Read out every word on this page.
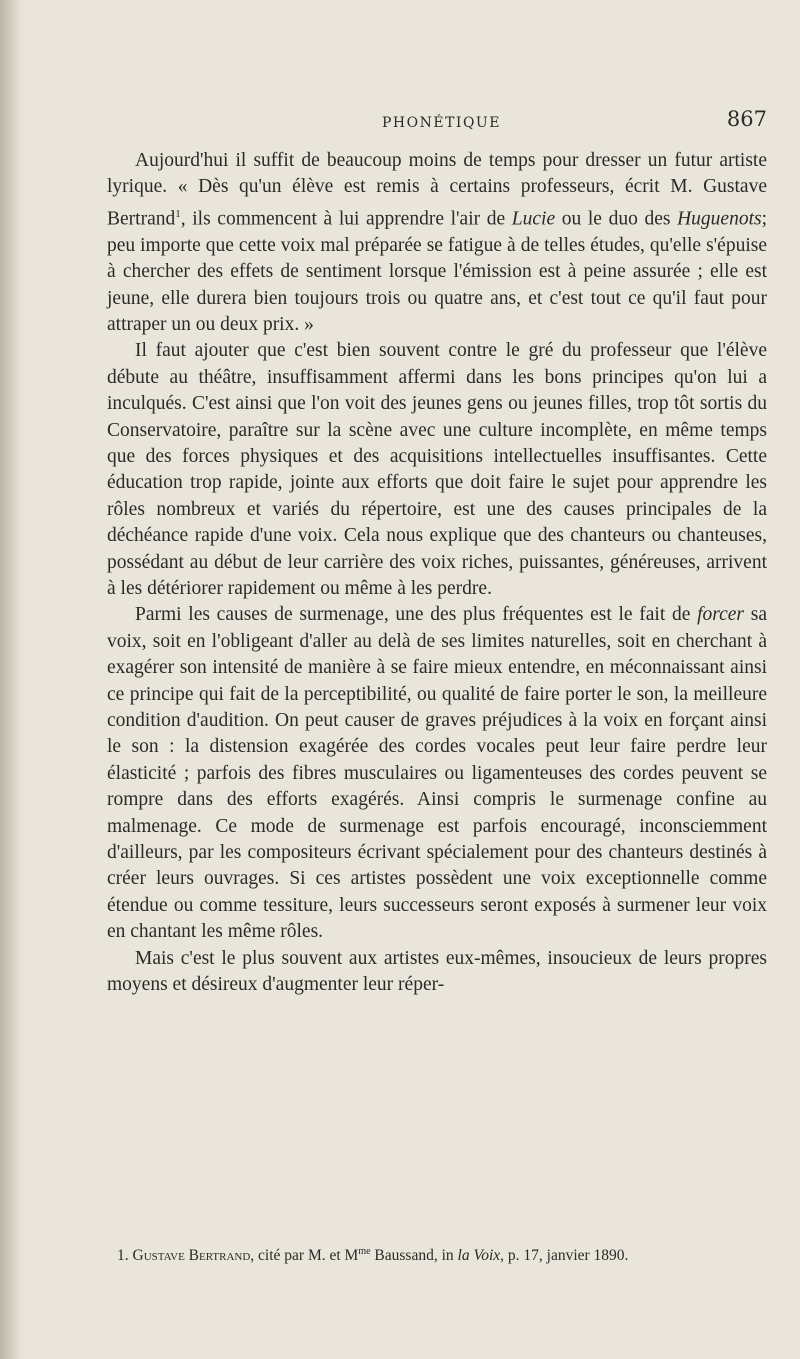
PHONÉTIQUE	867

Aujourd'hui il suffit de beaucoup moins de temps pour dresser un futur artiste lyrique. « Dès qu'un élève est remis à certains professeurs, écrit M. Gustave Bertrand$^1$, ils commencent à lui apprendre l'air de Lucie ou le duo des Huguenots; peu importe que cette voix mal préparée se fatigue à de telles études, qu'elle s'épuise à chercher des effets de sentiment lorsque l'émission est à peine assurée ; elle est jeune, elle durera bien toujours trois ou quatre ans, et c'est tout ce qu'il faut pour attraper un ou deux prix. »

Il faut ajouter que c'est bien souvent contre le gré du professeur que l'élève débute au théâtre, insuffisamment affermi dans les bons principes qu'on lui a inculqués. C'est ainsi que l'on voit des jeunes gens ou jeunes filles, trop tôt sortis du Conservatoire, paraître sur la scène avec une culture incomplète, en même temps que des forces physiques et des acquisitions intellectuelles insuffisantes. Cette éducation trop rapide, jointe aux efforts que doit faire le sujet pour apprendre les rôles nombreux et variés du répertoire, est une des causes principales de la déchéance rapide d'une voix. Cela nous explique que des chanteurs ou chanteuses, possédant au début de leur carrière des voix riches, puissantes, généreuses, arrivent à les détériorer rapidement ou même à les perdre.

Parmi les causes de surmenage, une des plus fréquentes est le fait de forcer sa voix, soit en l'obligeant d'aller au delà de ses limites naturelles, soit en cherchant à exagérer son intensité de manière à se faire mieux entendre, en méconnaissant ainsi ce principe qui fait de la perceptibilité, ou qualité de faire porter le son, la meilleure condition d'audition. On peut causer de graves préjudices à la voix en forçant ainsi le son : la distension exagérée des cordes vocales peut leur faire perdre leur élasticité ; parfois des fibres musculaires ou ligamenteuses des cordes peuvent se rompre dans des efforts exagérés. Ainsi compris le surmenage confine au malmenage. Ce mode de surmenage est parfois encouragé, inconsciemment d'ailleurs, par les compositeurs écrivant spécialement pour des chanteurs destinés à créer leurs ouvrages. Si ces artistes possèdent une voix exceptionnelle comme étendue ou comme tessiture, leurs successeurs seront exposés à surmener leur voix en chantant les même rôles.

Mais c'est le plus souvent aux artistes eux-mêmes, insoucieux de leurs propres moyens et désireux d'augmenter leur réper-

1. Gustave Bertrand, cité par M. et $M^{me}$ Baussand, in la Voix, p. 17, janvier 1890.
